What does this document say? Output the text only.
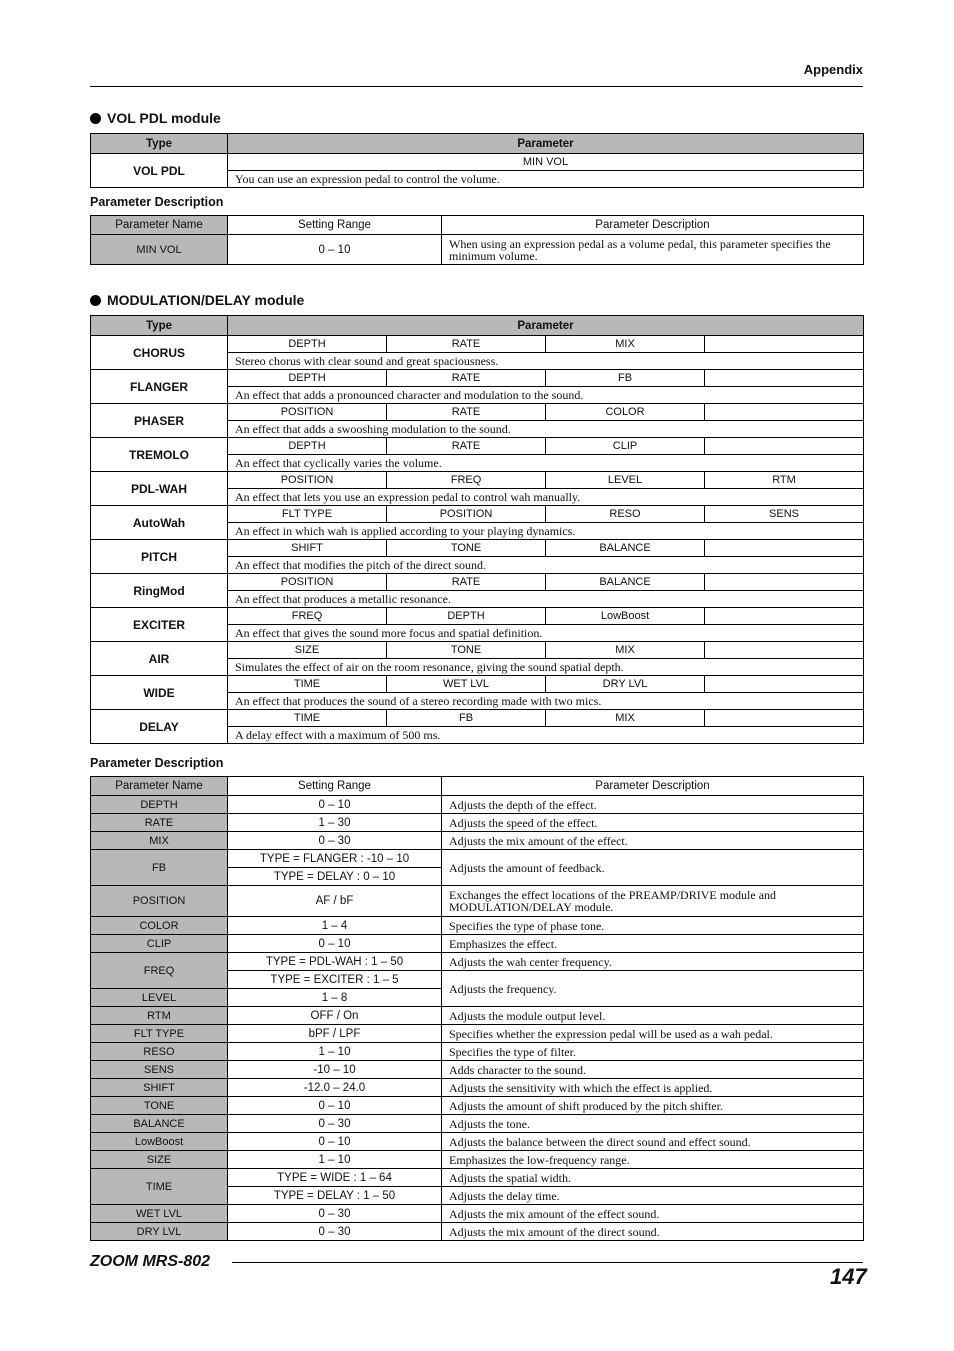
Appendix
VOL PDL module
Type	Parameter
VOL PDL	MIN VOL
	You can use an expression pedal to control the volume.
Parameter Description
Parameter Name	Setting Range	Parameter Description
MIN VOL	0 – 10	When using an expression pedal as a volume pedal, this parameter specifies the minimum volume.
MODULATION/DELAY module
Type	Parameter			
CHORUS	DEPTH	RATE	MIX	
	Stereo chorus with clear sound and great spaciousness.			
FLANGER	DEPTH	RATE	FB	
	An effect that adds a pronounced character and modulation to the sound.			
PHASER	POSITION	RATE	COLOR	
	An effect that adds a swooshing modulation to the sound.			
TREMOLO	DEPTH	RATE	CLIP	
	An effect that cyclically varies the volume.			
PDL-WAH	POSITION	FREQ	LEVEL	RTM
	An effect that lets you use an expression pedal to control wah manually.			
AutoWah	FLT TYPE	POSITION	RESO	SENS
	An effect in which wah is applied according to your playing dynamics.			
PITCH	SHIFT	TONE	BALANCE	
	An effect that modifies the pitch of the direct sound.			
RingMod	POSITION	RATE	BALANCE	
	An effect that produces a metallic resonance.			
EXCITER	FREQ	DEPTH	LowBoost	
	An effect that gives the sound more focus and spatial definition.			
AIR	SIZE	TONE	MIX	
	Simulates the effect of air on the room resonance, giving the sound spatial depth.			
WIDE	TIME	WET LVL	DRY LVL	
	An effect that produces the sound of a stereo recording made with two mics.			
DELAY	TIME	FB	MIX	
	A delay effect with a maximum of 500 ms.			
Parameter Description
Parameter Name	Setting Range	Parameter Description
DEPTH	0 – 10	Adjusts the depth of the effect.
RATE	1 – 30	Adjusts the speed of the effect.
MIX	0 – 30	Adjusts the mix amount of the effect.
FB	TYPE = FLANGER : -10 – 10	Adjusts the amount of feedback.
	TYPE = DELAY : 0 – 10	
POSITION	AF / bF	Exchanges the effect locations of the PREAMP/DRIVE module and MODULATION/DELAY module.
COLOR	1 – 4	Specifies the type of phase tone.
CLIP	0 – 10	Emphasizes the effect.
FREQ	TYPE = PDL-WAH : 1 – 50	Adjusts the wah center frequency.
	TYPE = EXCITER : 1 – 5	Adjusts the frequency.
LEVEL	1 – 8	
RTM	OFF / On	Adjusts the module output level.
FLT TYPE	bPF / LPF	Specifies whether the expression pedal will be used as a wah pedal.
RESO	1 – 10	Specifies the type of filter.
SENS	-10 – 10	Adds character to the sound.
SHIFT	-12.0 – 24.0	Adjusts the sensitivity with which the effect is applied.
TONE	0 – 10	Adjusts the amount of shift produced by the pitch shifter.
BALANCE	0 – 30	Adjusts the tone.
LowBoost	0 – 10	Adjusts the balance between the direct sound and effect sound.
SIZE	1 – 10	Emphasizes the low-frequency range.
TIME	TYPE = WIDE : 1 – 64	Adjusts the spatial width.
	TYPE = DELAY : 1 – 50	Adjusts the delay time.
WET LVL	0 – 30	Adjusts the mix amount of the effect sound.
DRY LVL	0 – 30	Adjusts the mix amount of the direct sound.
ZOOM MRS-802
147
